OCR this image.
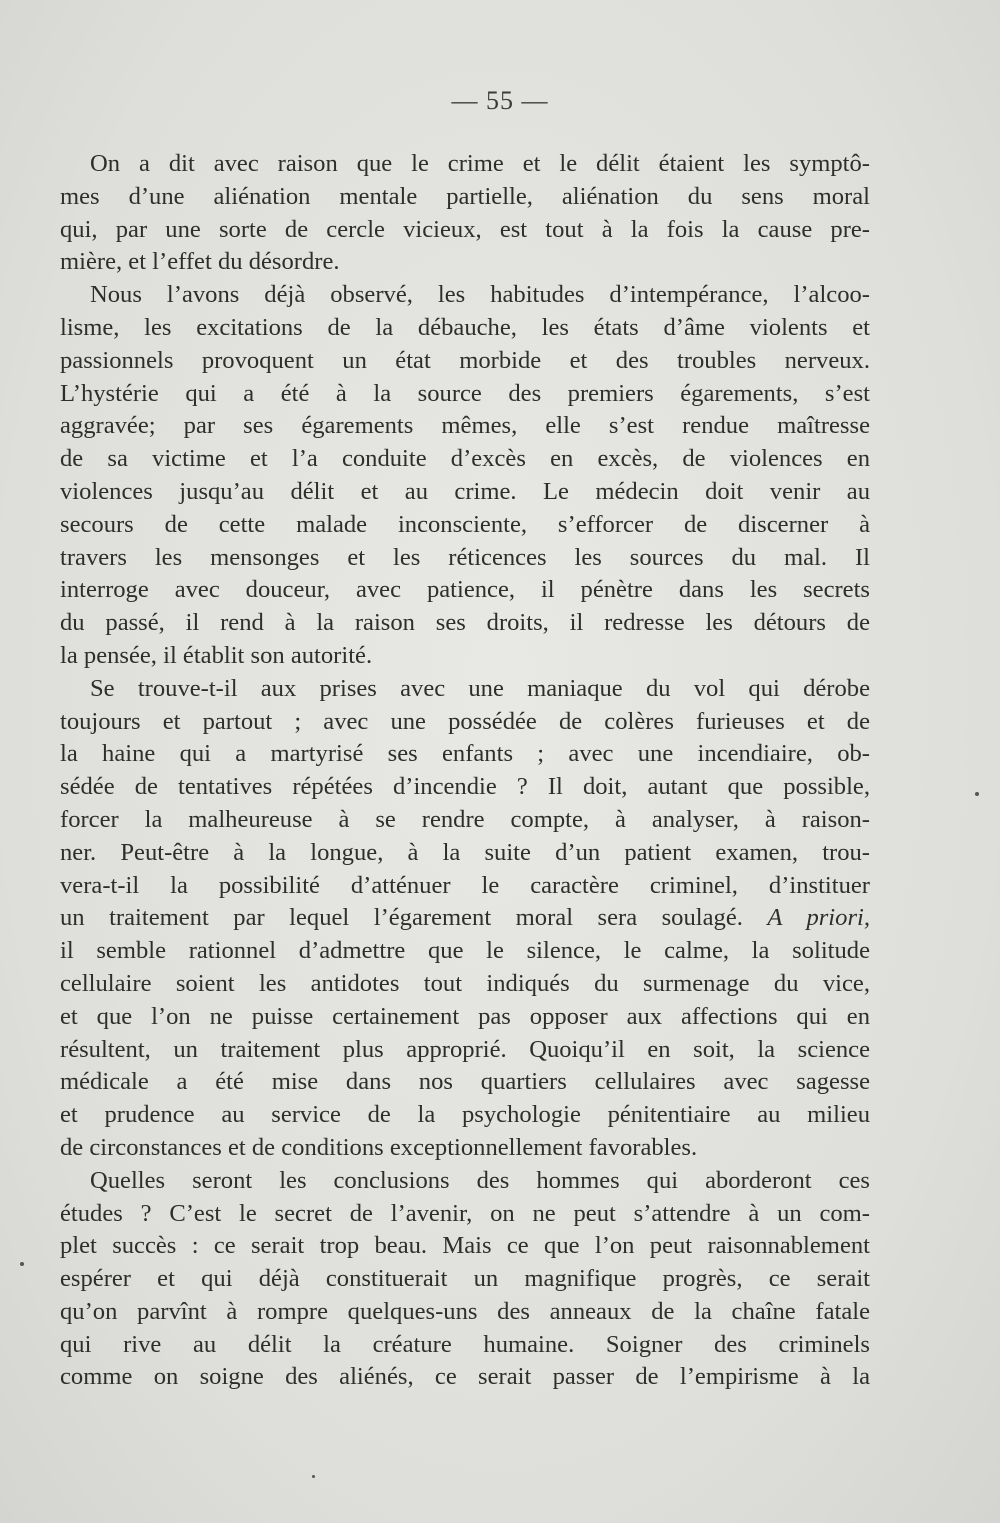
— 55 —
On a dit avec raison que le crime et le délit étaient les symptô-
mes d’une aliénation mentale partielle, aliénation du sens moral
qui, par une sorte de cercle vicieux, est tout à la fois la cause pre-
mière, et l’effet du désordre.
Nous l’avons déjà observé, les habitudes d’intempérance, l’alcoo-
lisme, les excitations de la débauche, les états d’âme violents et
passionnels provoquent un état morbide et des troubles nerveux.
L’hystérie qui a été à la source des premiers égarements, s’est
aggravée; par ses égarements mêmes, elle s’est rendue maîtresse
de sa victime et l’a conduite d’excès en excès, de violences en
violences jusqu’au délit et au crime. Le médecin doit venir au
secours de cette malade inconsciente, s’efforcer de discerner à
travers les mensonges et les réticences les sources du mal. Il
interroge avec douceur, avec patience, il pénètre dans les secrets
du passé, il rend à la raison ses droits, il redresse les détours de
la pensée, il établit son autorité.
Se trouve-t-il aux prises avec une maniaque du vol qui dérobe
toujours et partout ; avec une possédée de colères furieuses et de
la haine qui a martyrisé ses enfants ; avec une incendiaire, ob-
sédée de tentatives répétées d’incendie ? Il doit, autant que possible,
forcer la malheureuse à se rendre compte, à analyser, à raison-
ner. Peut-être à la longue, à la suite d’un patient examen, trou-
vera-t-il la possibilité d’atténuer le caractère criminel, d’instituer
un traitement par lequel l’égarement moral sera soulagé. A priori,
il semble rationnel d’admettre que le silence, le calme, la solitude
cellulaire soient les antidotes tout indiqués du surmenage du vice,
et que l’on ne puisse certainement pas opposer aux affections qui en
résultent, un traitement plus approprié. Quoiqu’il en soit, la science
médicale a été mise dans nos quartiers cellulaires avec sagesse
et prudence au service de la psychologie pénitentiaire au milieu
de circonstances et de conditions exceptionnellement favorables.
Quelles seront les conclusions des hommes qui aborderont ces
études ? C’est le secret de l’avenir, on ne peut s’attendre à un com-
plet succès : ce serait trop beau. Mais ce que l’on peut raisonnablement
espérer et qui déjà constituerait un magnifique progrès, ce serait
qu’on parvînt à rompre quelques-uns des anneaux de la chaîne fatale
qui rive au délit la créature humaine. Soigner des criminels
comme on soigne des aliénés, ce serait passer de l’empirisme à la
